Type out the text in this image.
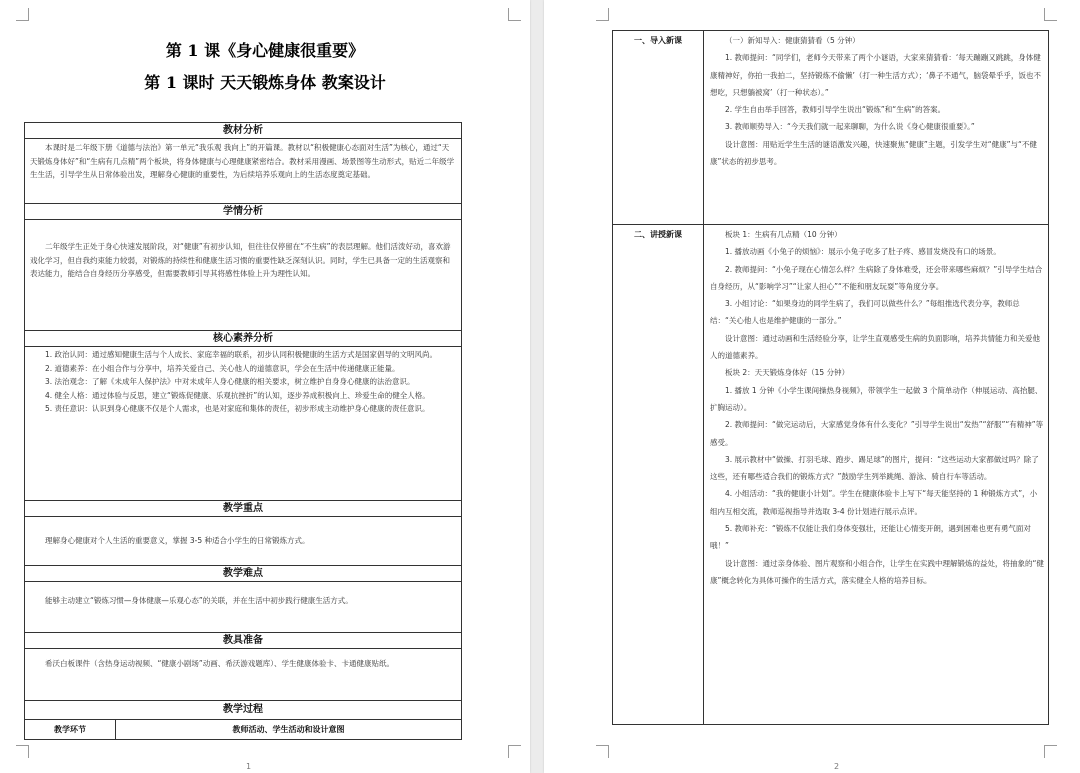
第 1 课《身心健康很重要》
第 1 课时 天天锻炼身体 教案设计
教材分析
本课时是二年级下册《道德与法治》第一单元“我乐观 我向上”的开篇课。教材以“积极健康心态面对生活”为核心，通过“天天锻炼身体好”和“生病有几点精”两个板块，将身体健康与心理健康紧密结合。教材采用漫画、场景图等生动形式，贴近二年级学生生活，引导学生从日常体验出发，理解身心健康的重要性，为后续培养乐观向上的生活态度奠定基础。
学情分析
二年级学生正处于身心快速发展阶段，对“健康”有初步认知，但往往仅停留在“不生病”的表层理解。他们活泼好动，喜欢游戏化学习，但自我约束能力较弱，对锻炼的持续性和健康生活习惯的重要性缺乏深刻认识。同时，学生已具备一定的生活观察和表达能力，能结合自身经历分享感受，但需要教师引导其将感性体验上升为理性认知。
核心素养分析

1. 政治认同：通过感知健康生活与个人成长、家庭幸福的联系，初步认同积极健康的生活方式是国家倡导的文明风尚。

2. 道德素养：在小组合作与分享中，培养关爱自己、关心他人的道德意识，学会在生活中传递健康正能量。

3. 法治观念：了解《未成年人保护法》中对未成年人身心健康的相关要求，树立维护自身身心健康的法治意识。

4. 健全人格：通过体验与反思，建立“锻炼促健康、乐观抗挫折”的认知，逐步养成积极向上、珍爱生命的健全人格。

5. 责任意识：认识到身心健康不仅是个人需求，也是对家庭和集体的责任，初步形成主动维护身心健康的责任意识。

教学重点
理解身心健康对个人生活的重要意义，掌握 3-5 种适合小学生的日常锻炼方式。
教学难点
能够主动建立“锻炼习惯—身体健康—乐观心态”的关联，并在生活中初步践行健康生活方式。
教具准备
希沃白板课件（含热身运动视频、“健康小剧场”动画、希沃游戏题库）、学生健康体验卡、卡通健康贴纸。
教学过程
教学环节	教师活动、学生活动和设计意图
1
一、导入新课	（一）新知导入：健康猜猜看（5 分钟）

1. 教师提问：“同学们，老师今天带来了两个小谜语，大家来猜猜看：‘每天蹦蹦又跳跳，身体健康精神好，你拍一我拍二，坚持锻炼不偷懒’（打一种生活方式）；‘鼻子不通气，脑袋晕乎乎，饭也不想吃，只想躺被窝’（打一种状态）。”

2. 学生自由举手回答，教师引导学生说出“锻炼”和“生病”的答案。

3. 教师顺势导入：“今天我们就一起来聊聊，为什么说《身心健康很重要》。”

设计意图：用贴近学生生活的谜语激发兴趣，快速聚焦“健康”主题，引发学生对“健康”与“不健康”状态的初步思考。

二、讲授新课	板块 1：生病有几点精（10 分钟）

1. 播放动画《小兔子的烦恼》：展示小兔子吃多了肚子疼、感冒发烧没有口的场景。

2. 教师提问：“小兔子现在心情怎么样？生病除了身体难受，还会带来哪些麻烦？”引导学生结合自身经历，从“影响学习”“让家人担心”“不能和朋友玩耍”等角度分享。

3. 小组讨论：“如果身边的同学生病了，我们可以做些什么？”每组推选代表分享，教师总结：“关心他人也是维护健康的一部分。”

设计意图：通过动画和生活经验分享，让学生直观感受生病的负面影响，培养共情能力和关爱他人的道德素养。

板块 2：天天锻炼身体好（15 分钟）

1. 播放 1 分钟《小学生课间操热身视频》，带领学生一起做 3 个简单动作（伸展运动、高抬腿、扩胸运动）。

2. 教师提问：“做完运动后，大家感觉身体有什么变化？”引导学生说出“发热”“舒服”“有精神”等感受。

3. 展示教材中“做操、打羽毛球、跑步、踢足球”的图片，提问：“这些运动大家都做过吗？除了这些，还有哪些适合我们的锻炼方式？”鼓励学生列举跳绳、游泳、骑自行车等活动。

4. 小组活动：“我的健康小计划”。学生在健康体验卡上写下“每天能坚持的 1 种锻炼方式”，小组内互相交流，教师巡视指导并选取 3-4 份计划进行展示点评。

5. 教师补充：“锻炼不仅能让我们身体变强壮，还能让心情变开朗，遇到困难也更有勇气面对哦！”

设计意图：通过亲身体验、图片观察和小组合作，让学生在实践中理解锻炼的益处，将抽象的“健康”概念转化为具体可操作的生活方式，落实健全人格的培养目标。

2
